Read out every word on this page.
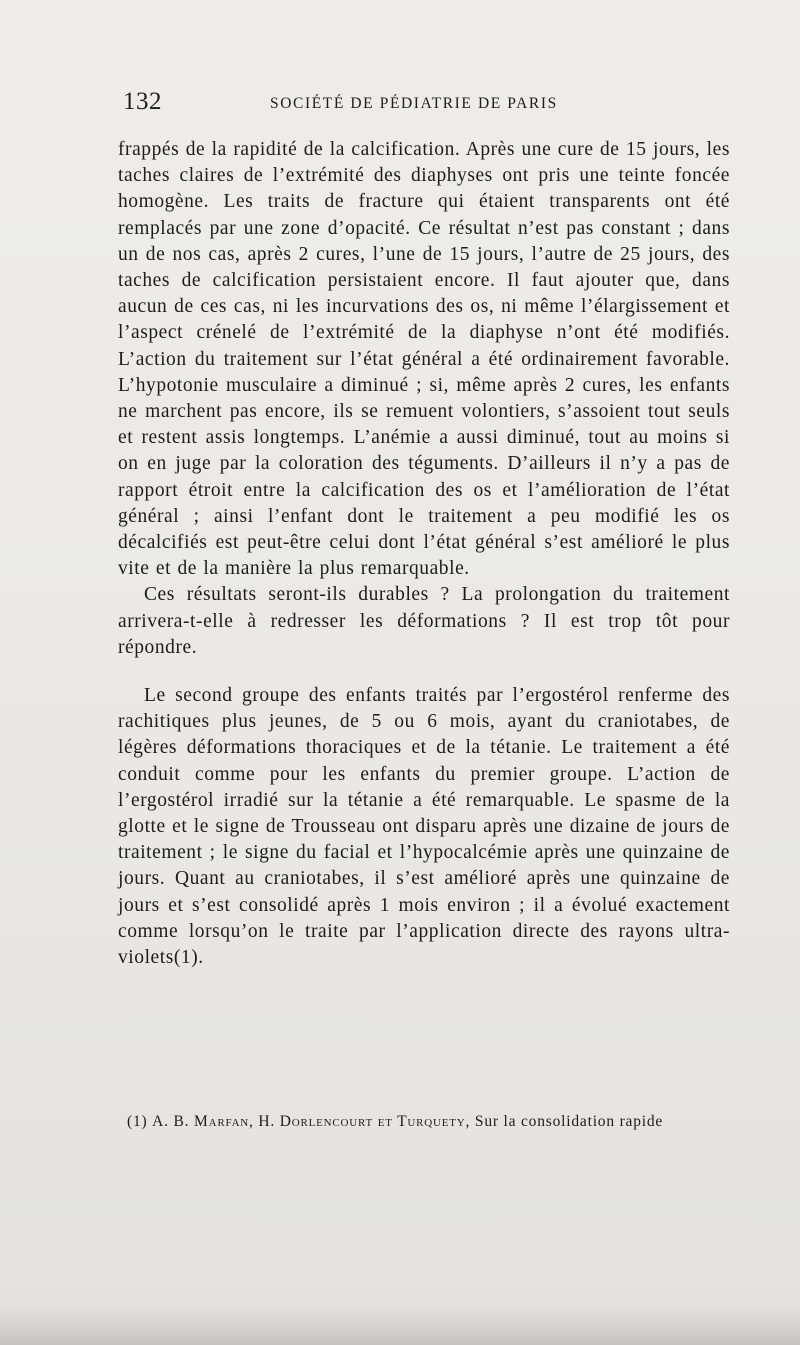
132	SOCIÉTÉ DE PÉDIATRIE DE PARIS

frappés de la rapidité de la calcification. Après une cure de 15 jours, les taches claires de l’extrémité des diaphyses ont pris une teinte foncée homogène. Les traits de fracture qui étaient transparents ont été remplacés par une zone d’opacité. Ce résultat n’est pas constant ; dans un de nos cas, après 2 cures, l’une de 15 jours, l’autre de 25 jours, des taches de calcification persistaient encore. Il faut ajouter que, dans aucun de ces cas, ni les incurvations des os, ni même l’élargissement et l’aspect crénelé de l’extrémité de la diaphyse n’ont été modifiés. L’action du traitement sur l’état général a été ordinairement favorable. L’hypotonie musculaire a diminué ; si, même après 2 cures, les enfants ne marchent pas encore, ils se remuent volontiers, s’assoient tout seuls et restent assis longtemps. L’anémie a aussi diminué, tout au moins si on en juge par la coloration des téguments. D’ailleurs il n’y a pas de rapport étroit entre la calcification des os et l’amélioration de l’état général ; ainsi l’enfant dont le traitement a peu modifié les os décalcifiés est peut-être celui dont l’état général s’est amélioré le plus vite et de la manière la plus remarquable.

Ces résultats seront-ils durables ? La prolongation du traitement arrivera-t-elle à redresser les déformations ? Il est trop tôt pour répondre.

Le second groupe des enfants traités par l’ergostérol renferme des rachitiques plus jeunes, de 5 ou 6 mois, ayant du craniotabes, de légères déformations thoraciques et de la tétanie. Le traitement a été conduit comme pour les enfants du premier groupe. L’action de l’ergostérol irradié sur la tétanie a été remarquable. Le spasme de la glotte et le signe de Trousseau ont disparu après une dizaine de jours de traitement ; le signe du facial et l’hypocalcémie après une quinzaine de jours. Quant au craniotabes, il s’est amélioré après une quinzaine de jours et s’est consolidé après 1 mois environ ; il a évolué exactement comme lorsqu’on le traite par l’application directe des rayons ultra-violets(1).

(1) A. B. Marfan, H. Dorlencourt et Turquety, Sur la consolidation rapide
